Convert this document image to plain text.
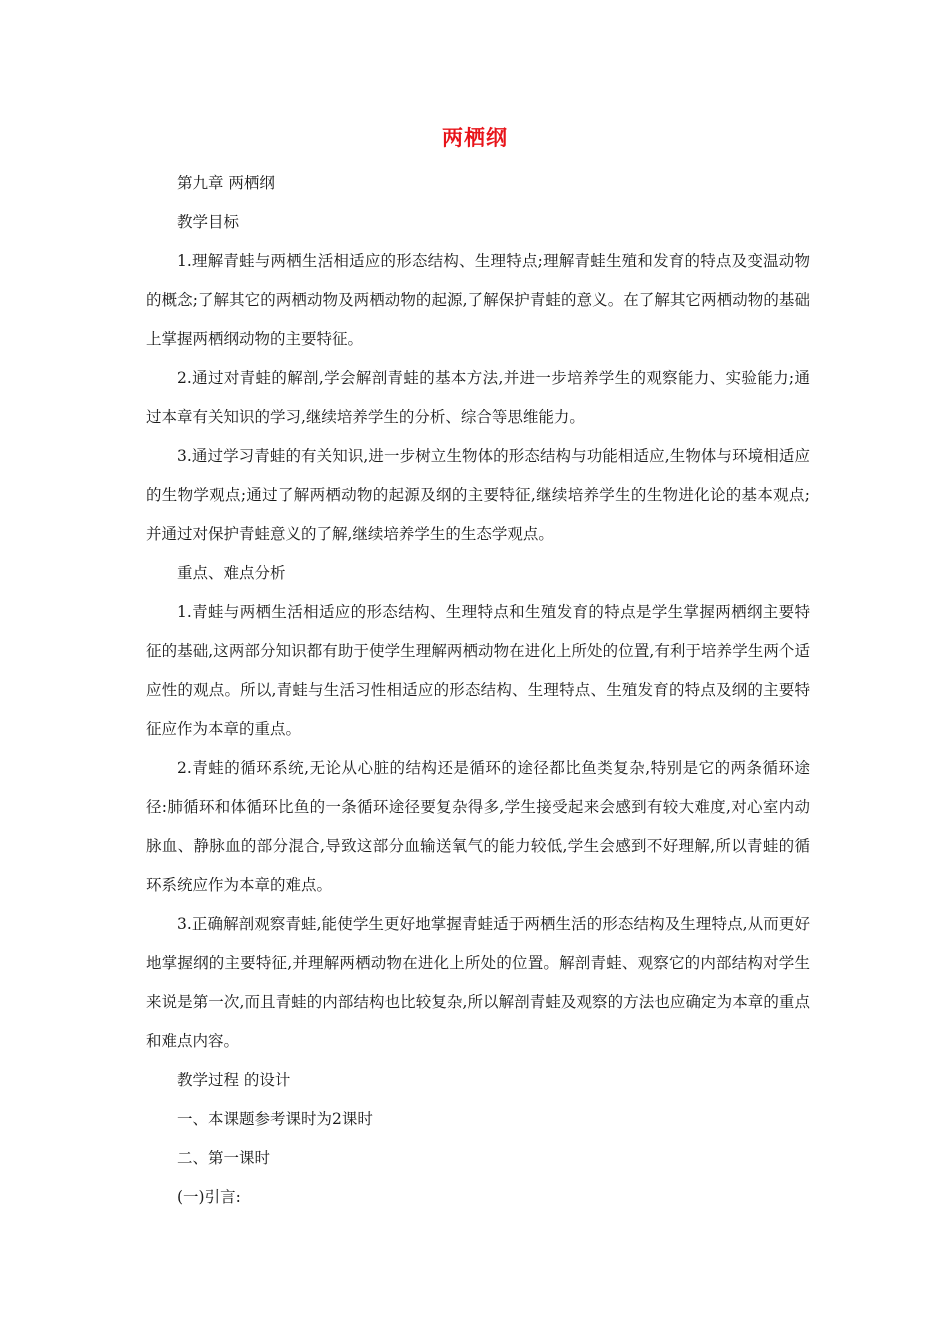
两栖纲

第九章 两栖纲

教学目标

1.理解青蛙与两栖生活相适应的形态结构、生理特点;理解青蛙生殖和发育的特点及变温动物的概念;了解其它的两栖动物及两栖动物的起源,了解保护青蛙的意义。在了解其它两栖动物的基础上掌握两栖纲动物的主要特征。

2.通过对青蛙的解剖,学会解剖青蛙的基本方法,并进一步培养学生的观察能力、实验能力;通过本章有关知识的学习,继续培养学生的分析、综合等思维能力。

3.通过学习青蛙的有关知识,进一步树立生物体的形态结构与功能相适应,生物体与环境相适应的生物学观点;通过了解两栖动物的起源及纲的主要特征,继续培养学生的生物进化论的基本观点;并通过对保护青蛙意义的了解,继续培养学生的生态学观点。

重点、难点分析

1.青蛙与两栖生活相适应的形态结构、生理特点和生殖发育的特点是学生掌握两栖纲主要特征的基础,这两部分知识都有助于使学生理解两栖动物在进化上所处的位置,有利于培养学生两个适应性的观点。所以,青蛙与生活习性相适应的形态结构、生理特点、生殖发育的特点及纲的主要特征应作为本章的重点。

2.青蛙的循环系统,无论从心脏的结构还是循环的途径都比鱼类复杂,特别是它的两条循环途径:肺循环和体循环比鱼的一条循环途径要复杂得多,学生接受起来会感到有较大难度,对心室内动脉血、静脉血的部分混合,导致这部分血输送氧气的能力较低,学生会感到不好理解,所以青蛙的循环系统应作为本章的难点。

3.正确解剖观察青蛙,能使学生更好地掌握青蛙适于两栖生活的形态结构及生理特点,从而更好地掌握纲的主要特征,并理解两栖动物在进化上所处的位置。解剖青蛙、观察它的内部结构对学生来说是第一次,而且青蛙的内部结构也比较复杂,所以解剖青蛙及观察的方法也应确定为本章的重点和难点内容。

教学过程 的设计

一、本课题参考课时为2课时

二、第一课时

(一)引言:
